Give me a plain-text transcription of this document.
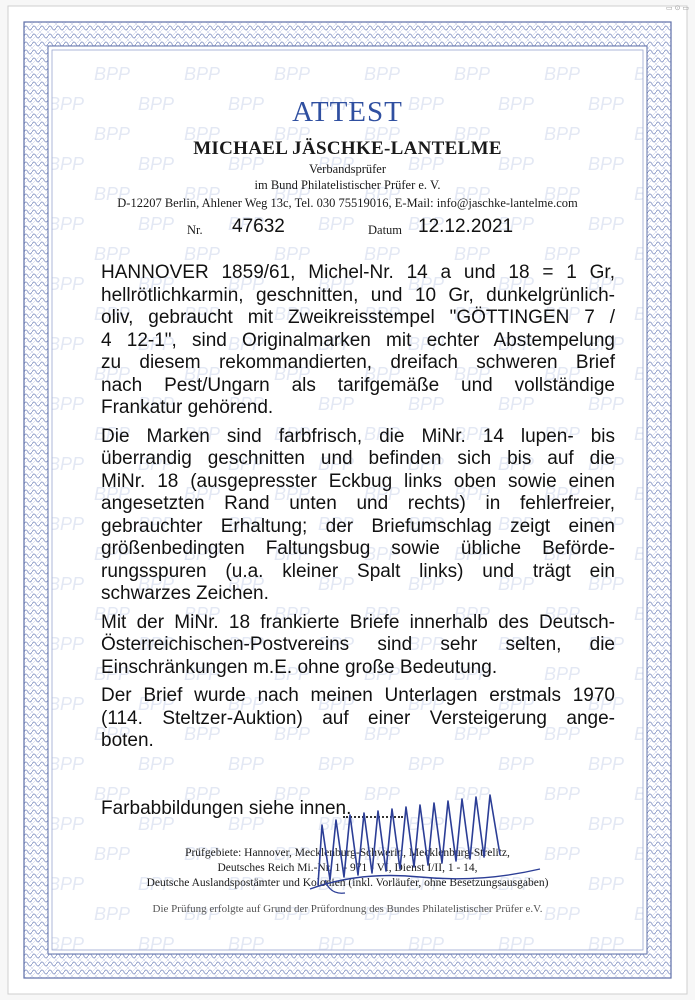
▭ ⊙ ▭
ATTEST
MICHAEL JÄSCHKE-LANTELME
Verbandsprüfer
im Bund Philatelistischer Prüfer e. V.
D-12207 Berlin, Ahlener Weg 13c, Tel. 030 75519016, E-Mail: info@jaschke-lantelme.com
Nr. 47632	Datum 12.12.2021

HANNOVER 1859/61, Michel-Nr. 14 a und 18 = 1 Gr,
hellrötlichkarmin, geschnitten, und 10 Gr, dunkelgrünlich-
oliv, gebraucht mit Zweikreisstempel "GÖTTINGEN 7 /
4 12-1", sind Originalmarken mit echter Abstempelung
zu diesem rekommandierten, dreifach schweren Brief
nach Pest/Ungarn als tarifgemäße und vollständige
Frankatur gehörend.

Die Marken sind farbfrisch, die MiNr. 14 lupen- bis
überrandig geschnitten und befinden sich bis auf die
MiNr. 18 (ausgepresster Eckbug links oben sowie einen
angesetzten Rand unten und rechts) in fehlerfreier,
gebrauchter Erhaltung; der Briefumschlag zeigt einen
größenbedingten Faltungsbug sowie übliche Beförde-
rungsspuren (u.a. kleiner Spalt links) und trägt ein
schwarzes Zeichen.

Mit der MiNr. 18 frankierte Briefe innerhalb des Deutsch-
Österreichischen-Postvereins sind sehr selten, die
Einschränkungen m.E. ohne große Bedeutung.

Der Brief wurde nach meinen Unterlagen erstmals 1970
(114. Steltzer-Auktion) auf einer Versteigerung ange-
boten.

Farbabbildungen siehe innen.
Prüfgebiete: Hannover, Mecklenburg-Schwerin, Mecklenburg-Strelitz,
Deutsches Reich Mi.-Nr. 1 - 971 - VI, Dienst I/II, 1 - 14,
Deutsche Auslandspostämter und Kolonien (inkl. Vorläufer, ohne Besetzungsausgaben)
Die Prüfung erfolgte auf Grund der Prüfordnung des Bundes Philatelistischer Prüfer e.V.
